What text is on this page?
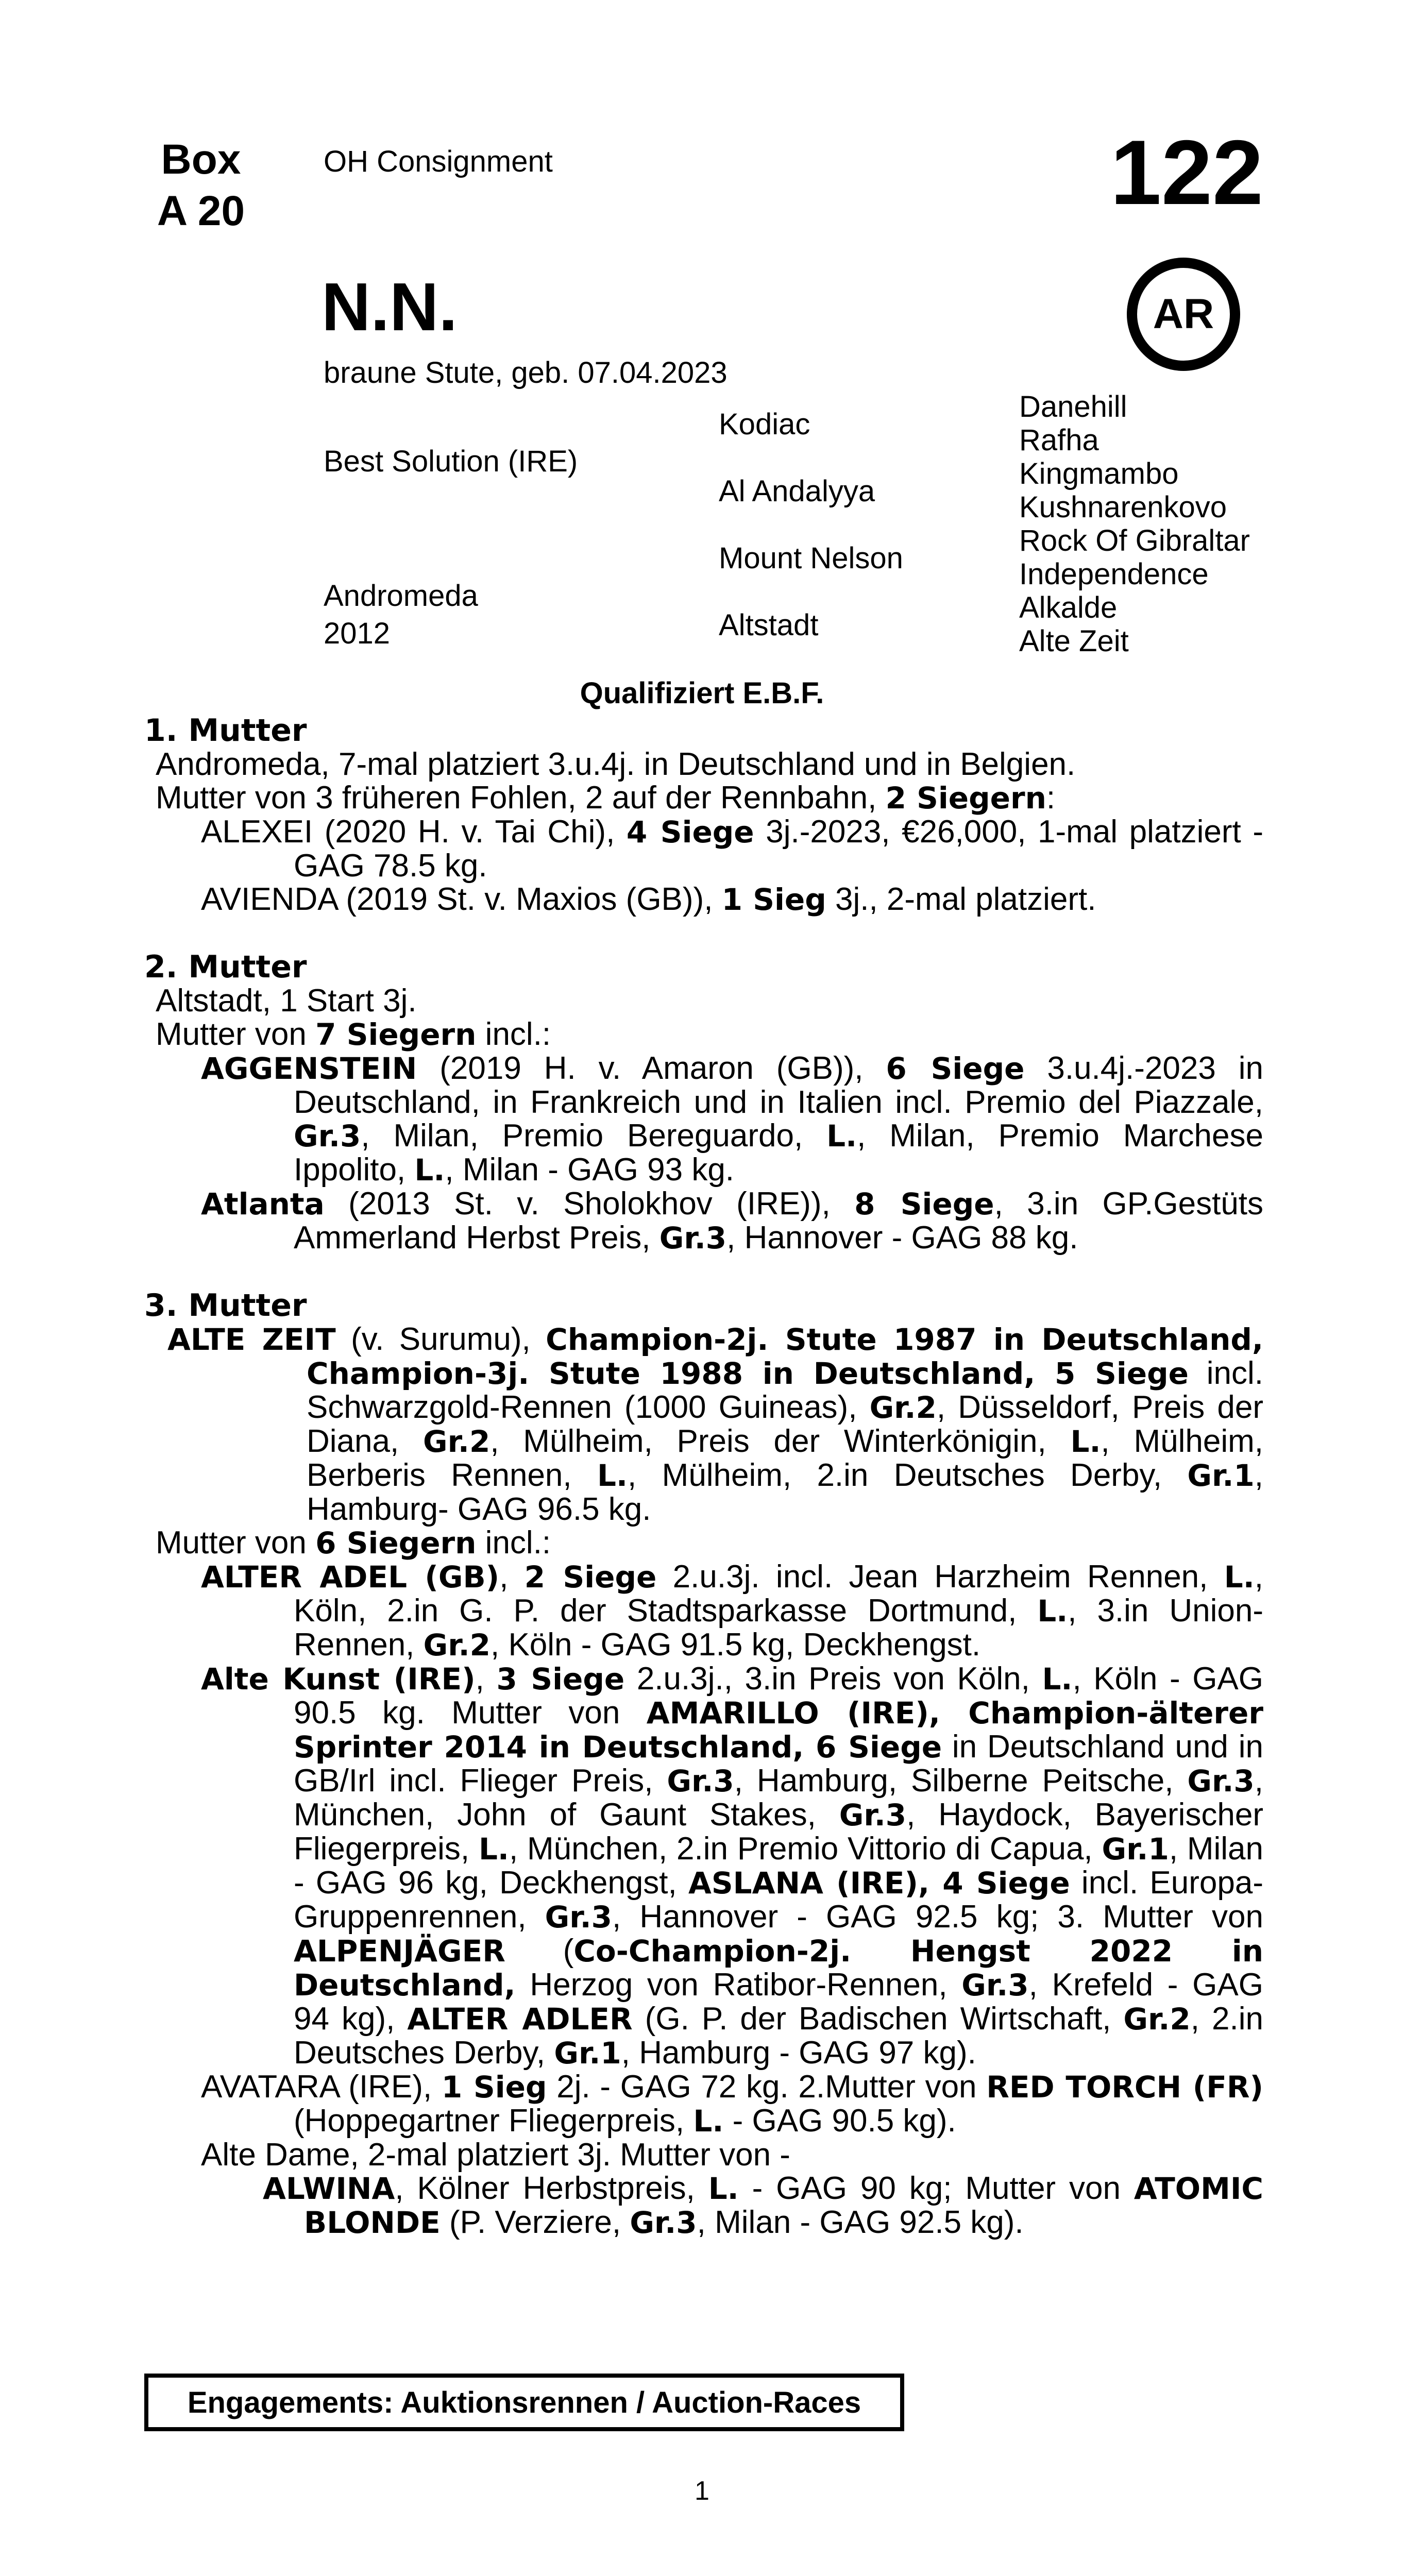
Box
A 20
OH Consignment	122
AR
N.N.
braune Stute, geb. 07.04.2023
Best Solution (IRE)
Andromeda
2012
Kodiac
Al Andalyya
Mount Nelson
Altstadt
Danehill
Rafha
Kingmambo
Kushnarenkovo
Rock Of Gibraltar
Independence
Alkalde
Alte Zeit
Qualifiziert E.B.F.
1. Mutter
Andromeda, 7-mal platziert 3.u.4j. in Deutschland und in Belgien.
Mutter von 3 früheren Fohlen, 2 auf der Rennbahn, 2 Siegern:
ALEXEI (2020 H. v. Tai Chi), 4 Siege 3j.-2023, €26,000, 1-mal platziert - GAG 78.5 kg.
AVIENDA (2019 St. v. Maxios (GB)), 1 Sieg 3j., 2-mal platziert.
2. Mutter
Altstadt, 1 Start 3j.
Mutter von 7 Siegern incl.:
AGGENSTEIN (2019 H. v. Amaron (GB)), 6 Siege 3.u.4j.-2023 in Deutschland, in Frankreich und in Italien incl. Premio del Piazzale, Gr.3, Milan, Premio Bereguardo, L., Milan, Premio Marchese Ippolito, L., Milan - GAG 93 kg.
Atlanta (2013 St. v. Sholokhov (IRE)), 8 Siege, 3.in GP.Gestüts Ammerland Herbst Preis, Gr.3, Hannover - GAG 88 kg.
3. Mutter
ALTE ZEIT (v. Surumu), Champion-2j. Stute 1987 in Deutschland, Champion-3j. Stute 1988 in Deutschland, 5 Siege incl. Schwarzgold-Rennen (1000 Guineas), Gr.2, Düsseldorf, Preis der Diana, Gr.2, Mülheim, Preis der Winterkönigin, L., Mülheim, Berberis Rennen, L., Mülheim, 2.in Deutsches Derby, Gr.1, Hamburg- GAG 96.5 kg.
Mutter von 6 Siegern incl.:
ALTER ADEL (GB), 2 Siege 2.u.3j. incl. Jean Harzheim Rennen, L., Köln, 2.in G. P. der Stadtsparkasse Dortmund, L., 3.in Union-Rennen, Gr.2, Köln - GAG 91.5 kg, Deckhengst.
Alte Kunst (IRE), 3 Siege 2.u.3j., 3.in Preis von Köln, L., Köln - GAG 90.5 kg. Mutter von AMARILLO (IRE), Champion-älterer Sprinter 2014 in Deutschland, 6 Siege in Deutschland und in GB/Irl incl. Flieger Preis, Gr.3, Hamburg, Silberne Peitsche, Gr.3, München, John of Gaunt Stakes, Gr.3, Haydock, Bayerischer Fliegerpreis, L., München, 2.in Premio Vittorio di Capua, Gr.1, Milan - GAG 96 kg, Deckhengst, ASLANA (IRE), 4 Siege incl. Europa-Gruppenrennen, Gr.3, Hannover - GAG 92.5 kg; 3. Mutter von ALPENJÄGER (Co-Champion-2j. Hengst 2022 in Deutschland, Herzog von Ratibor-Rennen, Gr.3, Krefeld - GAG 94 kg), ALTER ADLER (G. P. der Badischen Wirtschaft, Gr.2, 2.in Deutsches Derby, Gr.1, Hamburg - GAG 97 kg).
AVATARA (IRE), 1 Sieg 2j. - GAG 72 kg. 2.Mutter von RED TORCH (FR) (Hoppegartner Fliegerpreis, L. - GAG 90.5 kg).
Alte Dame, 2-mal platziert 3j. Mutter von -
ALWINA, Kölner Herbstpreis, L. - GAG 90 kg; Mutter von ATOMIC BLONDE (P. Verziere, Gr.3, Milan - GAG 92.5 kg).
Engagements: Auktionsrennen / Auction-Races
1
